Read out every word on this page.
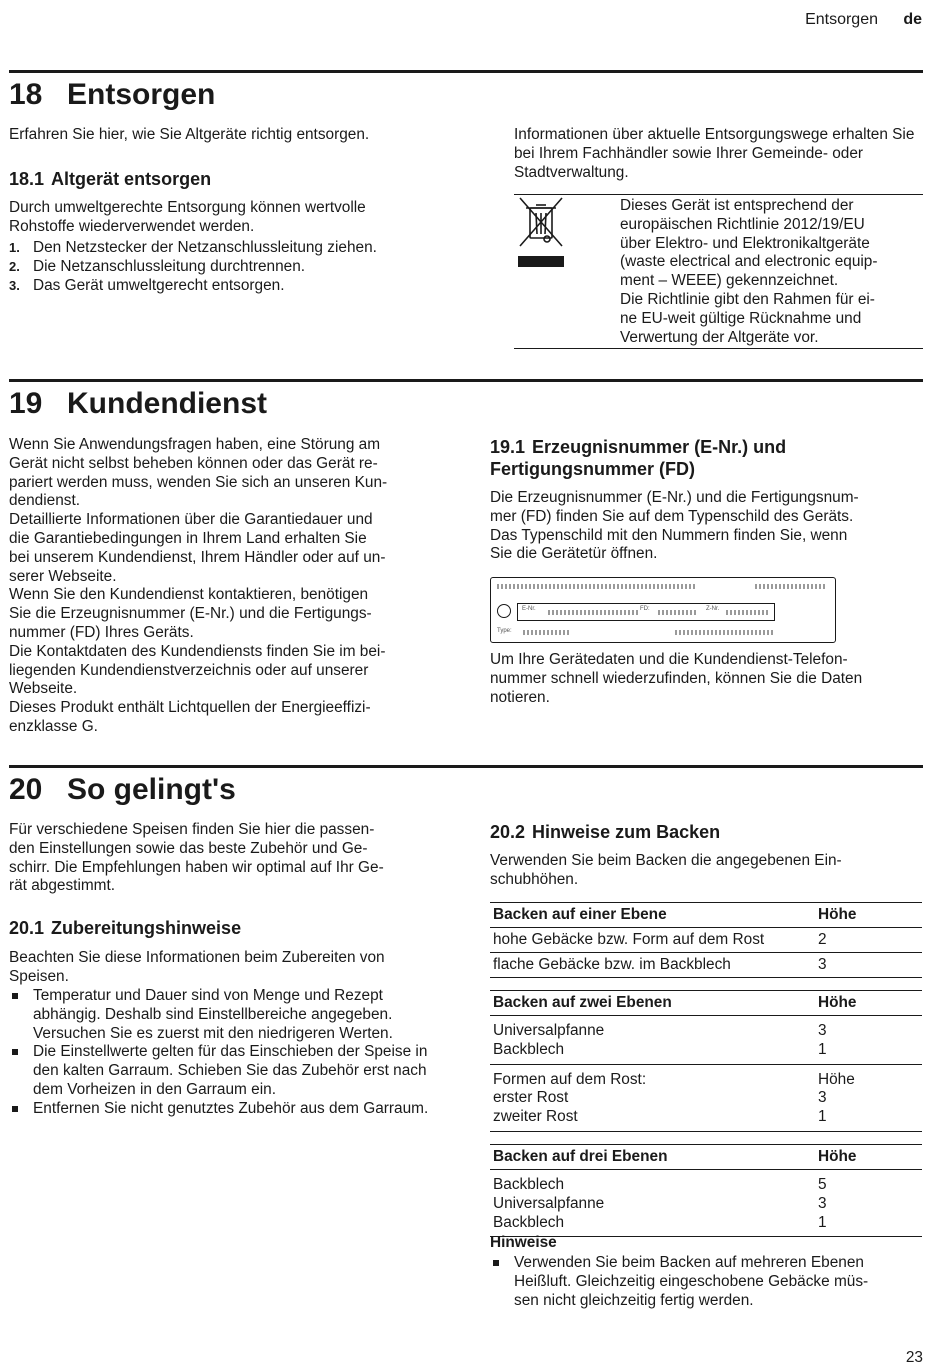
Entsorgen de
18 Entsorgen

Erfahren Sie hier, wie Sie Altgeräte richtig entsorgen.

18.1 Altgerät entsorgen

Durch umweltgerechte Entsorgung können wertvolle Rohstoffe wiederverwendet werden.

1. Den Netzstecker der Netzanschlussleitung ziehen.
2. Die Netzanschlussleitung durchtrennen.
3. Das Gerät umweltgerecht entsorgen.

Informationen über aktuelle Entsorgungswege erhalten Sie bei Ihrem Fachhändler sowie Ihrer Gemeinde- oder Stadtverwaltung.

Dieses Gerät ist entsprechend der
europäischen Richtlinie 2012/19/EU
über Elektro- und Elektronikaltgeräte
(waste electrical and electronic equip-
ment – WEEE) gekennzeichnet.
Die Richtlinie gibt den Rahmen für ei-
ne EU-weit gültige Rücknahme und
Verwertung der Altgeräte vor.
19 Kundendienst
Wenn Sie Anwendungsfragen haben, eine Störung am
Gerät nicht selbst beheben können oder das Gerät re-
pariert werden muss, wenden Sie sich an unseren Kun-
dendienst.
Detaillierte Informationen über die Garantiedauer und
die Garantiebedingungen in Ihrem Land erhalten Sie
bei unserem Kundendienst, Ihrem Händler oder auf un-
serer Webseite.
Wenn Sie den Kundendienst kontaktieren, benötigen
Sie die Erzeugnisnummer (E-Nr.) und die Fertigungs-
nummer (FD) Ihres Geräts.
Die Kontaktdaten des Kundendiensts finden Sie im bei-
liegenden Kundendienstverzeichnis oder auf unserer
Webseite.
Dieses Produkt enthält Lichtquellen der Energieeffizi-
enzklasse G.
19.1 Erzeugnisnummer (E-Nr.) und
Fertigungsnummer (FD)
Die Erzeugnisnummer (E-Nr.) und die Fertigungsnum-
mer (FD) finden Sie auf dem Typenschild des Geräts.
Das Typenschild mit den Nummern finden Sie, wenn
Sie die Gerätetür öffnen.
E-Nr.	FD:	Z-Nr.
Type:
Um Ihre Gerätedaten und die Kundendienst-Telefon-
nummer schnell wiederzufinden, können Sie die Daten
notieren.
20 So gelingt's
Für verschiedene Speisen finden Sie hier die passen-
den Einstellungen sowie das beste Zubehör und Ge-
schirr. Die Empfehlungen haben wir optimal auf Ihr Ge-
rät abgestimmt.
20.1 Zubereitungshinweise
Beachten Sie diese Informationen beim Zubereiten von
Speisen.
Temperatur und Dauer sind von Menge und Rezept abhängig. Deshalb sind Einstellbereiche angegeben. Versuchen Sie es zuerst mit den niedrigeren Werten.
Die Einstellwerte gelten für das Einschieben der Speise in den kalten Garraum. Schieben Sie das Zubehör erst nach dem Vorheizen in den Garraum ein.
Entfernen Sie nicht genutztes Zubehör aus dem Garraum.
20.2 Hinweise zum Backen
Verwenden Sie beim Backen die angegebenen Ein-
schubhöhen.
Backen auf einer Ebene	Höhe
hohe Gebäcke bzw. Form auf dem Rost	2
flache Gebäcke bzw. im Backblech	3

Backen auf zwei Ebenen	Höhe

Universalpfanne	3
Backblech	1

Formen auf dem Rost:	Höhe
erster Rost	3
zweiter Rost	1

Backen auf drei Ebenen	Höhe

Backblech	5
Universalpfanne	3
Backblech	1

Hinweise
Verwenden Sie beim Backen auf mehreren Ebenen
Heißluft. Gleichzeitig eingeschobene Gebäcke müs-
sen nicht gleichzeitig fertig werden.
23
